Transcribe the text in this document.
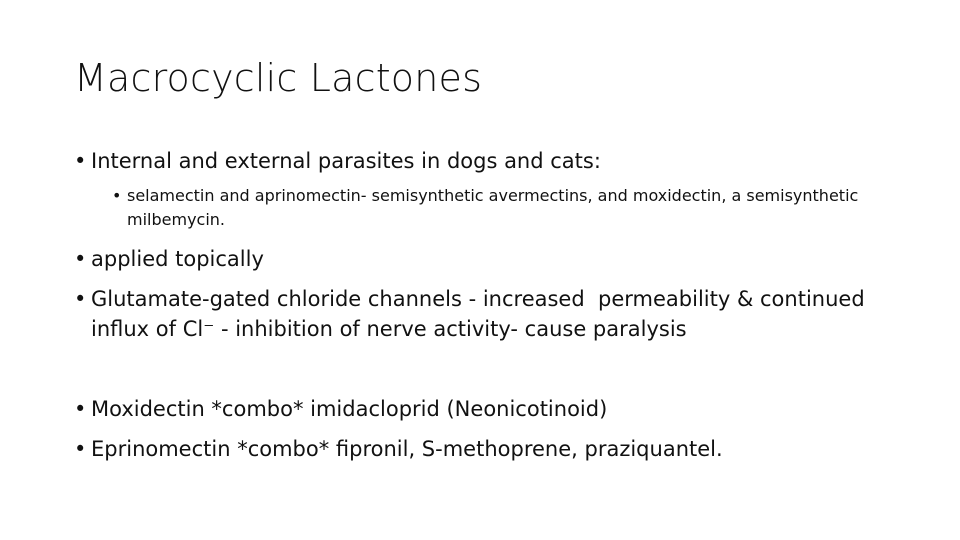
Macrocyclic Lactones
• Internal and external parasites in dogs and cats:
• selamectin and aprinomectin- semisynthetic avermectins, and moxidectin, a semisynthetic milbemycin.
• applied topically
• Glutamate-gated chloride channels - increased  permeability & continued influx of Cl⁻ - inhibition of nerve activity- cause paralysis
• Moxidectin *combo* imidacloprid (Neonicotinoid)
• Eprinomectin *combo* fipronil, S-methoprene, praziquantel.
